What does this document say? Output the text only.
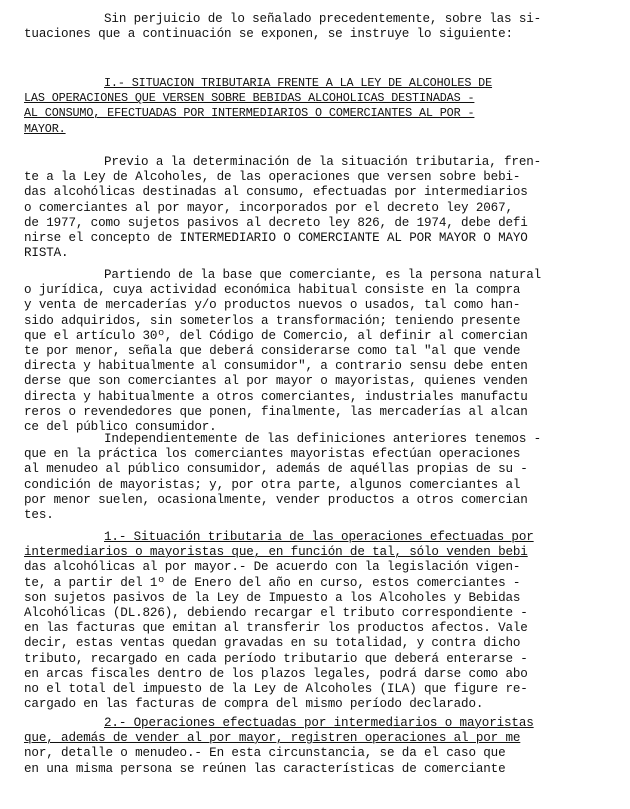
Sin perjuicio de lo señalado precedentemente, sobre las si-
tuaciones que a continuación se exponen, se instruye lo siguiente:
I.- SITUACION TRIBUTARIA FRENTE A LA LEY DE ALCOHOLES DE
LAS OPERACIONES QUE VERSEN SOBRE BEBIDAS ALCOHOLICAS DESTINADAS -
AL CONSUMO, EFECTUADAS POR INTERMEDIARIOS O COMERCIANTES AL POR -
MAYOR.
Previo a la determinación de la situación tributaria, fren-
te a la Ley de Alcoholes, de las operaciones que versen sobre bebi-
das alcohólicas destinadas al consumo, efectuadas por intermediarios
o comerciantes al por mayor, incorporados por el decreto ley 2067,
de 1977, como sujetos pasivos al decreto ley 826, de 1974, debe defi
nirse el concepto de INTERMEDIARIO O COMERCIANTE AL POR MAYOR O MAYO
RISTA.
Partiendo de la base que comerciante, es la persona natural
o jurídica, cuya actividad económica habitual consiste en la compra
y venta de mercaderías y/o productos nuevos o usados, tal como han-
sido adquiridos, sin someterlos a transformación; teniendo presente
que el artículo 30º, del Código de Comercio, al definir al comercian
te por menor, señala que deberá considerarse como tal "al que vende
directa y habitualmente al consumidor", a contrario sensu debe enten
derse que son comerciantes al por mayor o mayoristas, quienes venden
directa y habitualmente a otros comerciantes, industriales manufactu
reros o revendedores que ponen, finalmente, las mercaderías al alcan
ce del público consumidor.
Independientemente de las definiciones anteriores tenemos -
que en la práctica los comerciantes mayoristas efectúan operaciones
al menudeo al público consumidor, además de aquéllas propias de su -
condición de mayoristas; y, por otra parte, algunos comerciantes al
por menor suelen, ocasionalmente, vender productos a otros comercian
tes.
1.- Situación tributaria de las operaciones efectuadas por
intermediarios o mayoristas que, en función de tal, sólo venden bebi
das alcohólicas al por mayor.- De acuerdo con la legislación vigen-
te, a partir del 1º de Enero del año en curso, estos comerciantes -
son sujetos pasivos de la Ley de Impuesto a los Alcoholes y Bebidas
Alcohólicas (DL.826), debiendo recargar el tributo correspondiente -
en las facturas que emitan al transferir los productos afectos. Vale
decir, estas ventas quedan gravadas en su totalidad, y contra dicho
tributo, recargado en cada período tributario que deberá enterarse -
en arcas fiscales dentro de los plazos legales, podrá darse como abo
no el total del impuesto de la Ley de Alcoholes (ILA) que figure re-
cargado en las facturas de compra del mismo período declarado.
2.- Operaciones efectuadas por intermediarios o mayoristas
que, además de vender al por mayor, registren operaciones al por me
nor, detalle o menudeo.- En esta circunstancia, se da el caso que
en una misma persona se reúnen las características de comerciante
